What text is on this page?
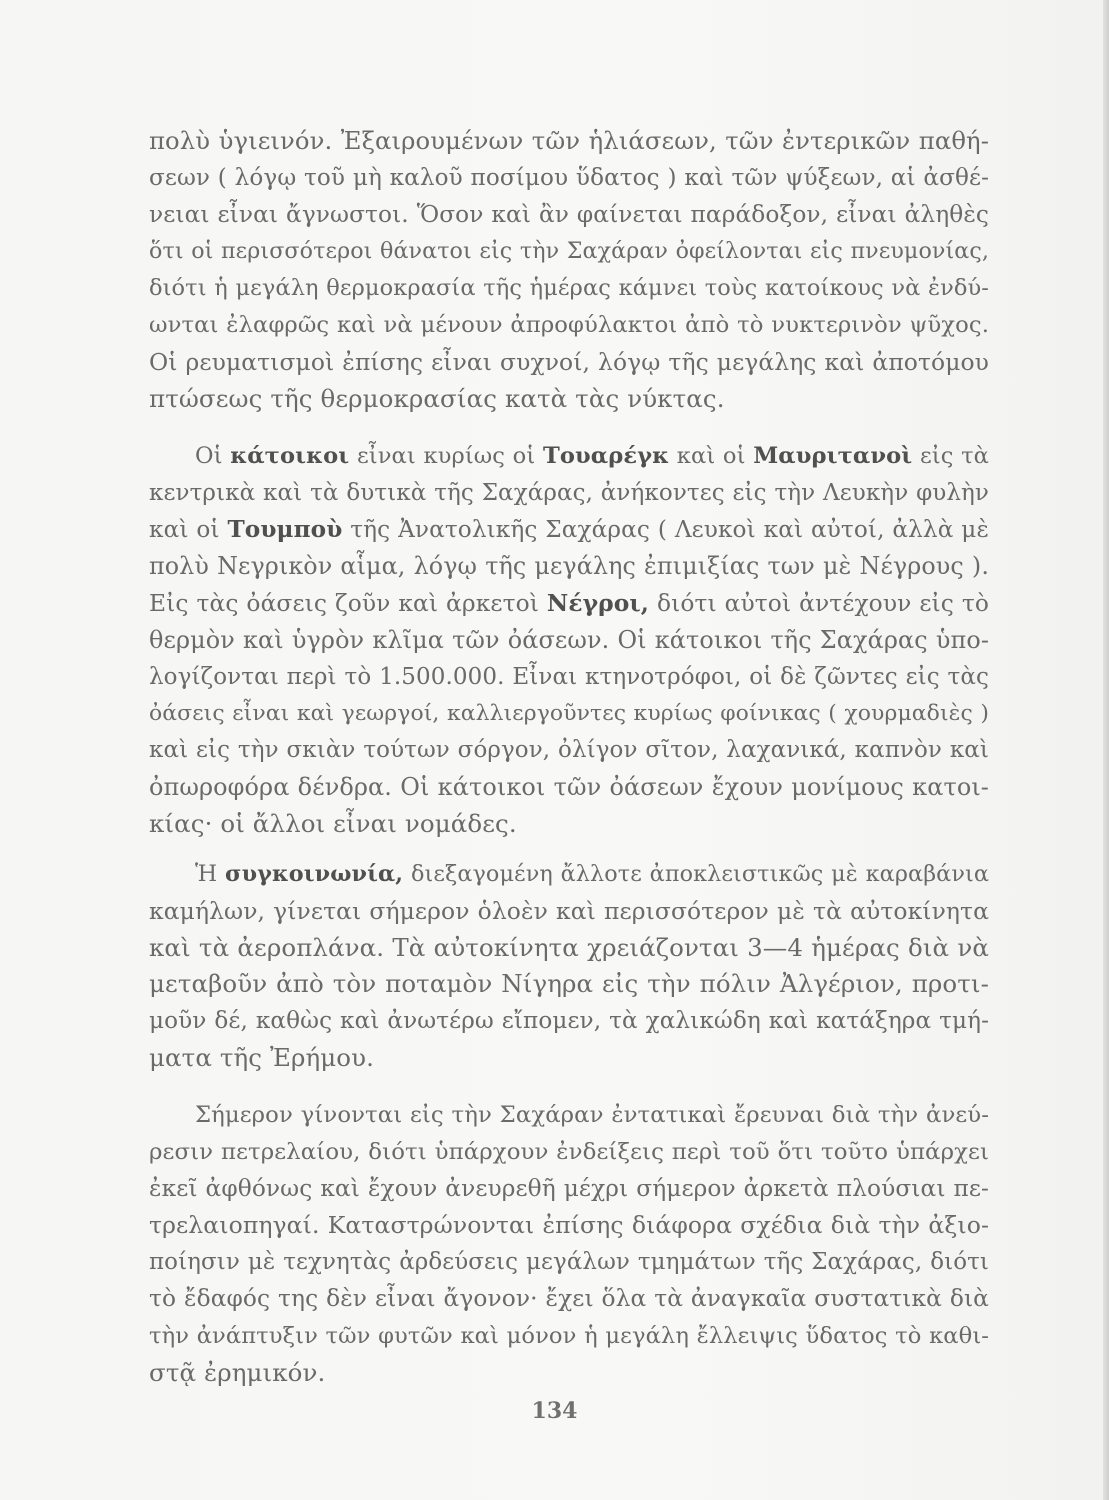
πολὺ ὑγιεινόν. Ἐξαιρουμένων τῶν ἡλιάσεων, τῶν ἐντερικῶν παθή-
σεων ( λόγῳ τοῦ μὴ καλοῦ ποσίμου ὕδατος ) καὶ τῶν ψύξεων, αἱ ἀσθέ-
νειαι εἶναι ἄγνωστοι. Ὅσον καὶ ἂν φαίνεται παράδοξον, εἶναι ἀληθὲς
ὅτι οἱ περισσότεροι θάνατοι εἰς τὴν Σαχάραν ὀφείλονται εἰς πνευμονίας,
διότι ἡ μεγάλη θερμοκρασία τῆς ἡμέρας κάμνει τοὺς κατοίκους νὰ ἐνδύ-
ωνται ἐλαφρῶς καὶ νὰ μένουν ἀπροφύλακτοι ἀπὸ τὸ νυκτερινὸν ψῦχος.
Οἱ ρευματισμοὶ ἐπίσης εἶναι συχνοί, λόγῳ τῆς μεγάλης καὶ ἀποτόμου
πτώσεως τῆς θερμοκρασίας κατὰ τὰς νύκτας.

Οἱ κάτοικοι εἶναι κυρίως οἱ Τουαρέγκ καὶ οἱ Μαυριτανοὶ εἰς τὰ
κεντρικὰ καὶ τὰ δυτικὰ τῆς Σαχάρας, ἀνήκοντες εἰς τὴν Λευκὴν φυλὴν
καὶ οἱ Τουμποὺ τῆς Ἀνατολικῆς Σαχάρας ( Λευκοὶ καὶ αὐτοί, ἀλλὰ μὲ
πολὺ Νεγρικὸν αἷμα, λόγῳ τῆς μεγάλης ἐπιμιξίας των μὲ Νέγρους ).
Εἰς τὰς ὀάσεις ζοῦν καὶ ἀρκετοὶ Νέγροι, διότι αὐτοὶ ἀντέχουν εἰς τὸ
θερμὸν καὶ ὑγρὸν κλῖμα τῶν ὀάσεων. Οἱ κάτοικοι τῆς Σαχάρας ὑπο-
λογίζονται περὶ τὸ 1.500.000. Εἶναι κτηνοτρόφοι, οἱ δὲ ζῶντες εἰς τὰς
ὀάσεις εἶναι καὶ γεωργοί, καλλιεργοῦντες κυρίως φοίνικας ( χουρμαδιὲς )
καὶ εἰς τὴν σκιὰν τούτων σόργον, ὀλίγον σῖτον, λαχανικά, καπνὸν καὶ
ὀπωροφόρα δένδρα. Οἱ κάτοικοι τῶν ὀάσεων ἔχουν μονίμους κατοι-
κίας· οἱ ἄλλοι εἶναι νομάδες.

Ἡ συγκοινωνία, διεξαγομένη ἄλλοτε ἀποκλειστικῶς μὲ καραβάνια
καμήλων, γίνεται σήμερον ὁλοὲν καὶ περισσότερον μὲ τὰ αὐτοκίνητα
καὶ τὰ ἀεροπλάνα. Τὰ αὐτοκίνητα χρειάζονται 3—4 ἡμέρας διὰ νὰ
μεταβοῦν ἀπὸ τὸν ποταμὸν Νίγηρα εἰς τὴν πόλιν Ἀλγέριον, προτι-
μοῦν δέ, καθὼς καὶ ἀνωτέρω εἴπομεν, τὰ χαλικώδη καὶ κατάξηρα τμή-
ματα τῆς Ἐρήμου.

Σήμερον γίνονται εἰς τὴν Σαχάραν ἐντατικαὶ ἔρευναι διὰ τὴν ἀνεύ-
ρεσιν πετρελαίου, διότι ὑπάρχουν ἐνδείξεις περὶ τοῦ ὅτι τοῦτο ὑπάρχει
ἐκεῖ ἀφθόνως καὶ ἔχουν ἀνευρεθῆ μέχρι σήμερον ἀρκετὰ πλούσιαι πε-
τρελαιοπηγαί. Καταστρώνονται ἐπίσης διάφορα σχέδια διὰ τὴν ἀξιο-
ποίησιν μὲ τεχνητὰς ἀρδεύσεις μεγάλων τμημάτων τῆς Σαχάρας, διότι
τὸ ἔδαφός της δὲν εἶναι ἄγονον· ἔχει ὅλα τὰ ἀναγκαῖα συστατικὰ διὰ
τὴν ἀνάπτυξιν τῶν φυτῶν καὶ μόνον ἡ μεγάλη ἔλλειψις ὕδατος τὸ καθι-
στᾷ ἐρημικόν.

134
